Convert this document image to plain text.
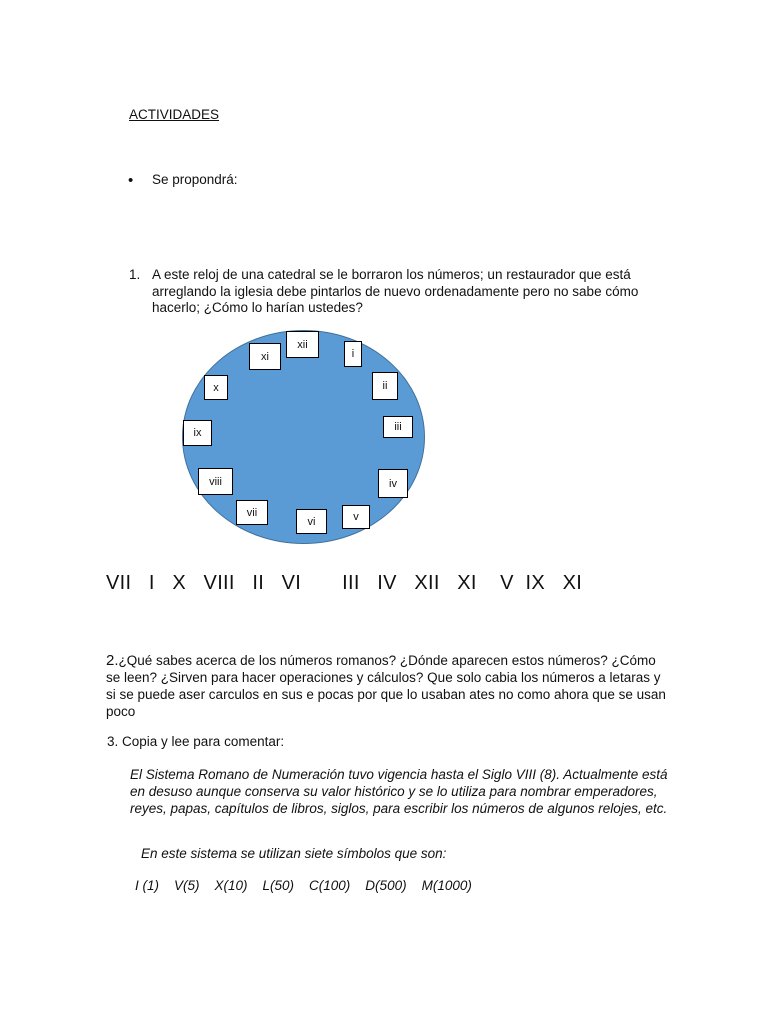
ACTIVIDADES
• Se propondrá:
1. A este reloj de una catedral se le borraron los números; un restaurador que está arreglando la iglesia debe pintarlos de nuevo ordenadamente pero no sabe cómo hacerlo; ¿Cómo lo harían ustedes?
xii
i
ii
iii
iv
v
vi
vii
viii
ix
x
xi
VII   I   X   VIII   II   VI       III   IV   XII   XI    V  IX   XI
2.¿Qué sabes acerca de los números romanos? ¿Dónde aparecen estos números? ¿Cómo se leen? ¿Sirven para hacer operaciones y cálculos? Que solo cabia los números a letaras y si se puede aser carculos en sus e pocas por que lo usaban ates no como ahora que se usan poco
3. Copia y lee para comentar:
El Sistema Romano de Numeración tuvo vigencia hasta el Siglo VIII (8). Actualmente está en desuso aunque conserva su valor histórico y se lo utiliza para nombrar emperadores, reyes, papas, capítulos de libros, siglos, para escribir los números de algunos relojes, etc.
En este sistema se utilizan siete símbolos que son:
I (1)    V(5)    X(10)    L(50)    C(100)    D(500)    M(1000)
